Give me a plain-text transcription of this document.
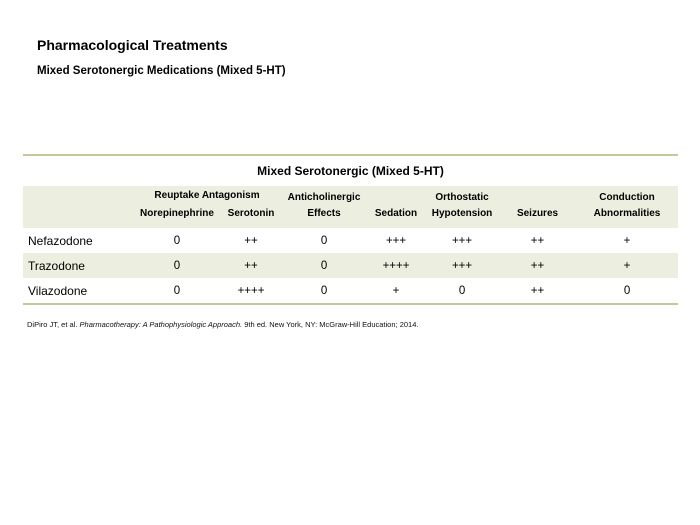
Pharmacological Treatments
Mixed Serotonergic Medications (Mixed 5-HT)
Mixed Serotonergic (Mixed 5-HT)
	Reuptake Antagonism		Anticholinergic		Orthostatic		Conduction
	Norepinephrine	Serotonin	Effects	Sedation	Hypotension	Seizures	Abnormalities
Nefazodone	0	++	0	+++	+++	++	+
Trazodone	0	++	0	++++	+++	++	+
Vilazodone	0	++++	0	+	0	++	0
DiPiro JT, et al. Pharmacotherapy: A Pathophysiologic Approach. 9th ed. New York, NY: McGraw-Hill Education; 2014.
